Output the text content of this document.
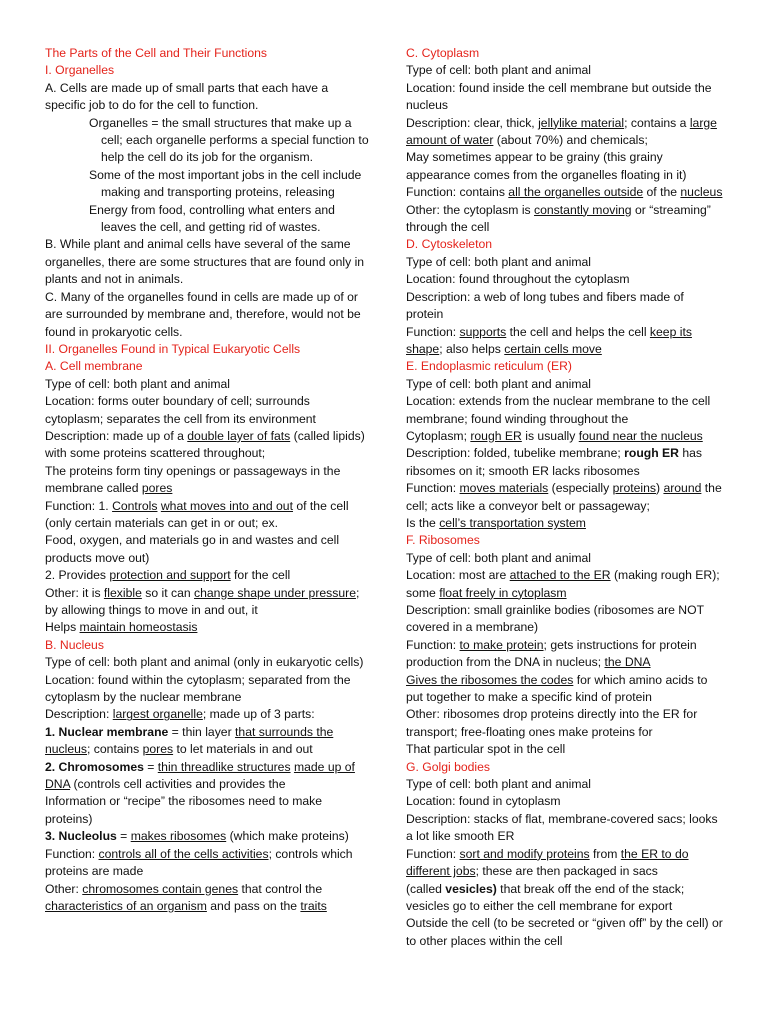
The Parts of the Cell and Their Functions

I. Organelles

A. Cells are made up of small parts that each have a specific job to do for the cell to function.

Organelles = the small structures that make up a cell; each organelle performs a special function to help the cell do its job for the organism.

Some of the most important jobs in the cell include making and transporting proteins, releasing

Energy from food, controlling what enters and leaves the cell, and getting rid of wastes.

B. While plant and animal cells have several of the same organelles, there are some structures that are found only in plants and not in animals.

C. Many of the organelles found in cells are made up of or are surrounded by membrane and, therefore, would not be found in prokaryotic cells.

II. Organelles Found in Typical Eukaryotic Cells

A. Cell membrane

Type of cell: both plant and animal

Location: forms outer boundary of cell; surrounds cytoplasm; separates the cell from its environment

Description: made up of a double layer of fats (called lipids) with some proteins scattered throughout;

The proteins form tiny openings or passageways in the membrane called pores

Function: 1. Controls what moves into and out of the cell (only certain materials can get in or out; ex.

Food, oxygen, and materials go in and wastes and cell products move out)

2. Provides protection and support for the cell

Other: it is flexible so it can change shape under pressure; by allowing things to move in and out, it

Helps maintain homeostasis

B. Nucleus

Type of cell: both plant and animal (only in eukaryotic cells)

Location: found within the cytoplasm; separated from the cytoplasm by the nuclear membrane

Description: largest organelle; made up of 3 parts:

1. Nuclear membrane = thin layer that surrounds the nucleus; contains pores to let materials in and out

2. Chromosomes = thin threadlike structures made up of DNA (controls cell activities and provides the

Information or “recipe” the ribosomes need to make proteins)

3. Nucleolus = makes ribosomes (which make proteins)

Function: controls all of the cells activities; controls which proteins are made

Other: chromosomes contain genes that control the characteristics of an organism and pass on the traits

C. Cytoplasm

Type of cell: both plant and animal

Location: found inside the cell membrane but outside the nucleus

Description: clear, thick, jellylike material; contains a large amount of water (about 70%) and chemicals;

May sometimes appear to be grainy (this grainy appearance comes from the organelles floating in it)

Function: contains all the organelles outside of the nucleus

Other: the cytoplasm is constantly moving or “streaming” through the cell

D. Cytoskeleton

Type of cell: both plant and animal

Location: found throughout the cytoplasm

Description: a web of long tubes and fibers made of protein

Function: supports the cell and helps the cell keep its shape; also helps certain cells move

E. Endoplasmic reticulum (ER)

Type of cell: both plant and animal

Location: extends from the nuclear membrane to the cell membrane; found winding throughout the

Cytoplasm; rough ER is usually found near the nucleus

Description: folded, tubelike membrane; rough ER has ribsomes on it; smooth ER lacks ribosomes

Function: moves materials (especially proteins) around the cell; acts like a conveyor belt or passageway;

Is the cell’s transportation system

F. Ribosomes

Type of cell: both plant and animal

Location: most are attached to the ER (making rough ER); some float freely in cytoplasm

Description: small grainlike bodies (ribosomes are NOT covered in a membrane)

Function: to make protein; gets instructions for protein production from the DNA in nucleus; the DNA

Gives the ribosomes the codes for which amino acids to put together to make a specific kind of protein

Other: ribosomes drop proteins directly into the ER for transport; free-floating ones make proteins for

That particular spot in the cell

G. Golgi bodies

Type of cell: both plant and animal

Location: found in cytoplasm

Description: stacks of flat, membrane-covered sacs; looks a lot like smooth ER

Function: sort and modify proteins from the ER to do different jobs; these are then packaged in sacs

(called vesicles) that break off the end of the stack; vesicles go to either the cell membrane for export

Outside the cell (to be secreted or “given off” by the cell) or to other places within the cell
